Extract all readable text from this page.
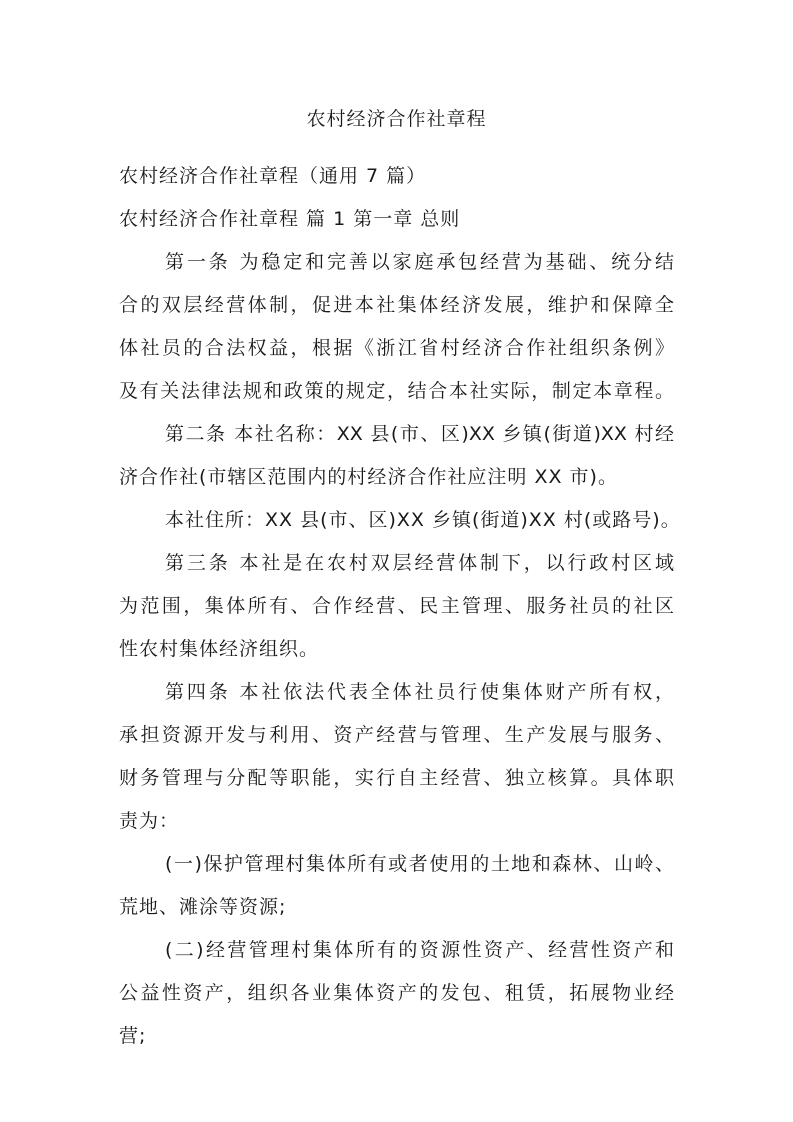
农村经济合作社章程
农村经济合作社章程（通用 7 篇）
农村经济合作社章程 篇 1 第一章 总则
第一条 为稳定和完善以家庭承包经营为基础、统分结
合的双层经营体制，促进本社集体经济发展，维护和保障全
体社员的合法权益，根据《浙江省村经济合作社组织条例》
及有关法律法规和政策的规定，结合本社实际，制定本章程。
第二条 本社名称：XX 县(市、区)XX 乡镇(街道)XX 村经
济合作社(市辖区范围内的村经济合作社应注明 XX 市)。
本社住所：XX 县(市、区)XX 乡镇(街道)XX 村(或路号)。
第三条 本社是在农村双层经营体制下，以行政村区域
为范围，集体所有、合作经营、民主管理、服务社员的社区
性农村集体经济组织。
第四条 本社依法代表全体社员行使集体财产所有权，
承担资源开发与利用、资产经营与管理、生产发展与服务、
财务管理与分配等职能，实行自主经营、独立核算。具体职
责为：
(一)保护管理村集体所有或者使用的土地和森林、山岭、
荒地、滩涂等资源;
(二)经营管理村集体所有的资源性资产、经营性资产和
公益性资产，组织各业集体资产的发包、租赁，拓展物业经
营;
